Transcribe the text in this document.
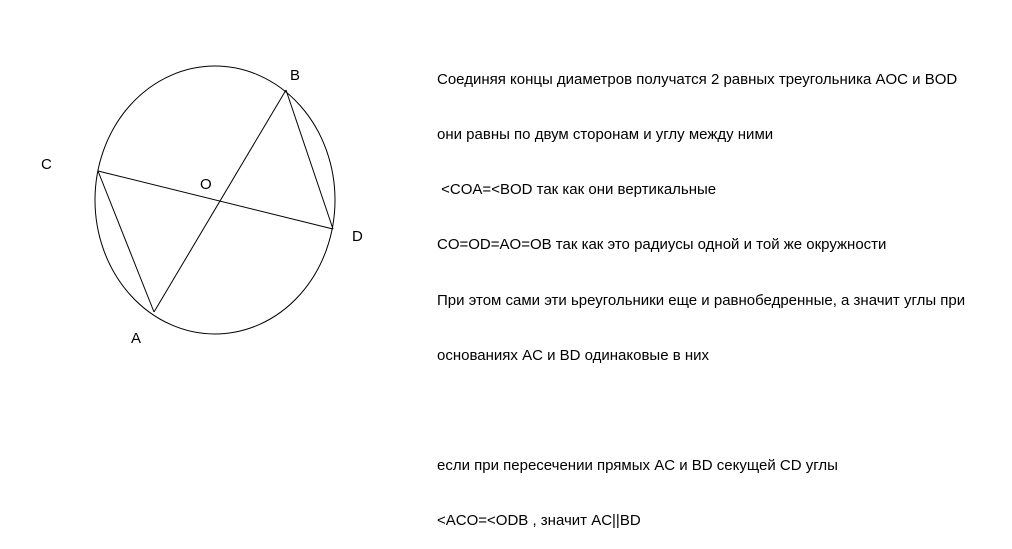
B
C
O
D
A

Соединяя концы диаметров получатся 2 равных треугольника AOC и BOD

они равны по двум сторонам и углу между ними

<COA=<BOD так как они вертикальные

CO=OD=AO=OB так как это радиусы одной и той же окружности

При этом сами эти ьреугольники еще и равнобедренные, а значит углы при

основаниях AC и BD одинаковые в них

если при пересечении прямых AC и BD секущей CD углы

<ACO=<ODB , значит AC||BD
